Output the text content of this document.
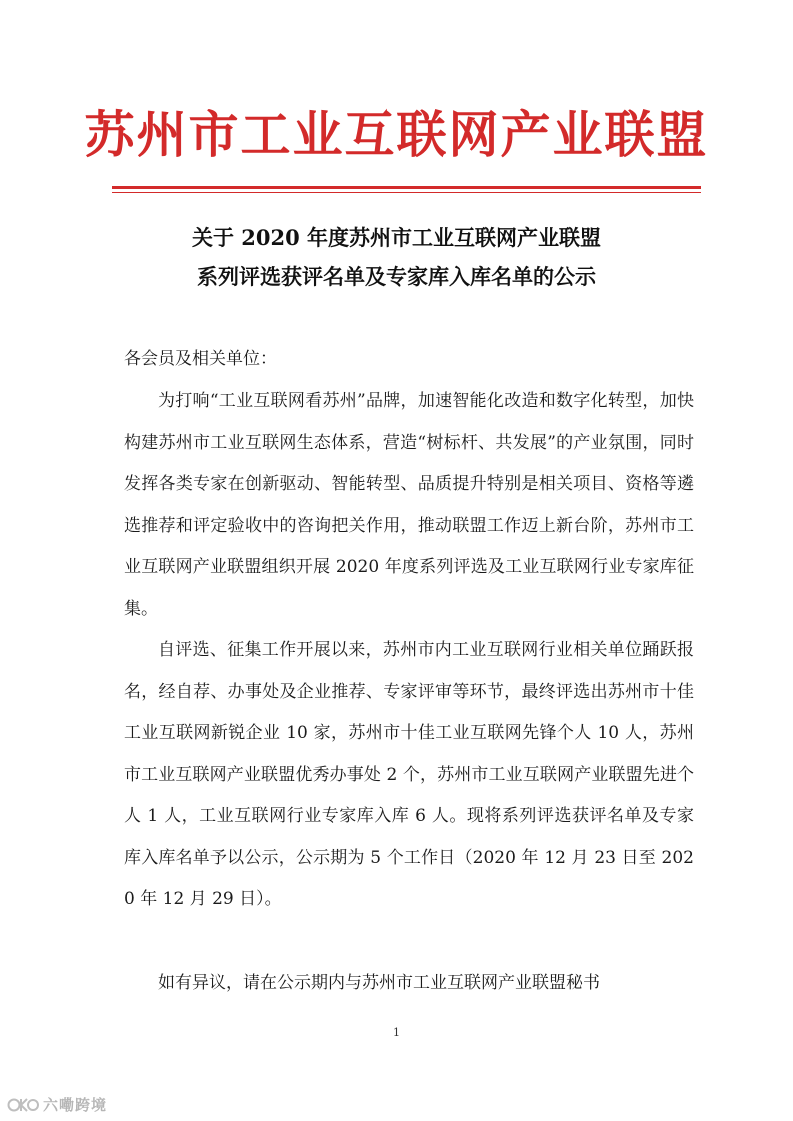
苏州市工业互联网产业联盟
关于 2020 年度苏州市工业互联网产业联盟
系列评选获评名单及专家库入库名单的公示
各会员及相关单位：

为打响“工业互联网看苏州”品牌，加速智能化改造和数字化转型，加快构建苏州市工业互联网生态体系，营造“树标杆、共发展”的产业氛围，同时发挥各类专家在创新驱动、智能转型、品质提升特别是相关项目、资格等遴选推荐和评定验收中的咨询把关作用，推动联盟工作迈上新台阶，苏州市工业互联网产业联盟组织开展 2020 年度系列评选及工业互联网行业专家库征集。

自评选、征集工作开展以来，苏州市内工业互联网行业相关单位踊跃报名，经自荐、办事处及企业推荐、专家评审等环节，最终评选出苏州市十佳工业互联网新锐企业 10 家，苏州市十佳工业互联网先锋个人 10 人，苏州市工业互联网产业联盟优秀办事处 2 个，苏州市工业互联网产业联盟先进个人 1 人，工业互联网行业专家库入库 6 人。现将系列评选获评名单及专家库入库名单予以公示，公示期为 5 个工作日（2020 年 12 月 23 日至 2020 年 12 月 29 日）。

如有异议，请在公示期内与苏州市工业互联网产业联盟秘书

1
六嘞跨境
